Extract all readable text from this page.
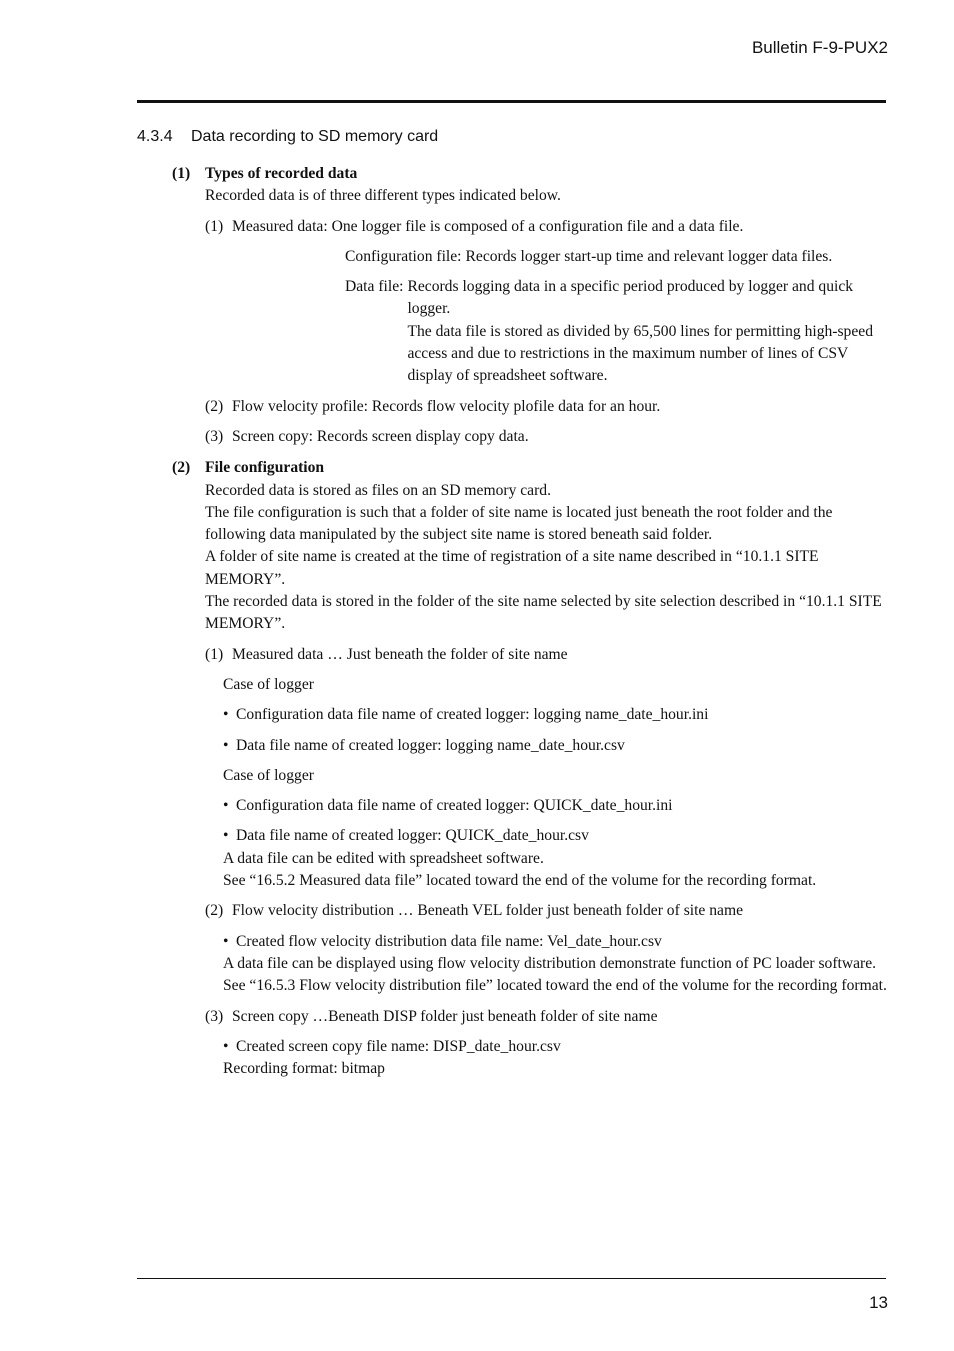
Bulletin F-9-PUX2
4.3.4 Data recording to SD memory card
(1) Types of recorded data

Recorded data is of three different types indicated below.

(1) Measured data: One logger file is composed of a configuration file and a data file.
Configuration file: Records logger start-up time and relevant logger data files.

Data file: Records logging data in a specific period produced by logger and quick logger.

The data file is stored as divided by 65,500 lines for permitting high-speed access and due to restrictions in the maximum number of lines of CSV display of spreadsheet software.

(2) Flow velocity profile: Records flow velocity plofile data for an hour.
(3) Screen copy: Records screen display copy data.
(2) File configuration

Recorded data is stored as files on an SD memory card.

The file configuration is such that a folder of site name is located just beneath the root folder and the following data manipulated by the subject site name is stored beneath said folder.

A folder of site name is created at the time of registration of a site name described in “10.1.1 SITE MEMORY”.

The recorded data is stored in the folder of the site name selected by site selection described in “10.1.1 SITE MEMORY”.

(1) Measured data … Just beneath the folder of site name
Case of logger
• Configuration data file name of created logger: logging name_date_hour.ini
• Data file name of created logger: logging name_date_hour.csv
Case of logger
• Configuration data file name of created logger: QUICK_date_hour.ini
• Data file name of created logger: QUICK_date_hour.csv

A data file can be edited with spreadsheet software.

See “16.5.2 Measured data file” located toward the end of the volume for the recording format.

(2) Flow velocity distribution … Beneath VEL folder just beneath folder of site name
• Created flow velocity distribution data file name: Vel_date_hour.csv

A data file can be displayed using flow velocity distribution demonstrate function of PC loader software.

See “16.5.3 Flow velocity distribution file” located toward the end of the volume for the recording format.

(3) Screen copy …Beneath DISP folder just beneath folder of site name
• Created screen copy file name: DISP_date_hour.csv

Recording format: bitmap

13
